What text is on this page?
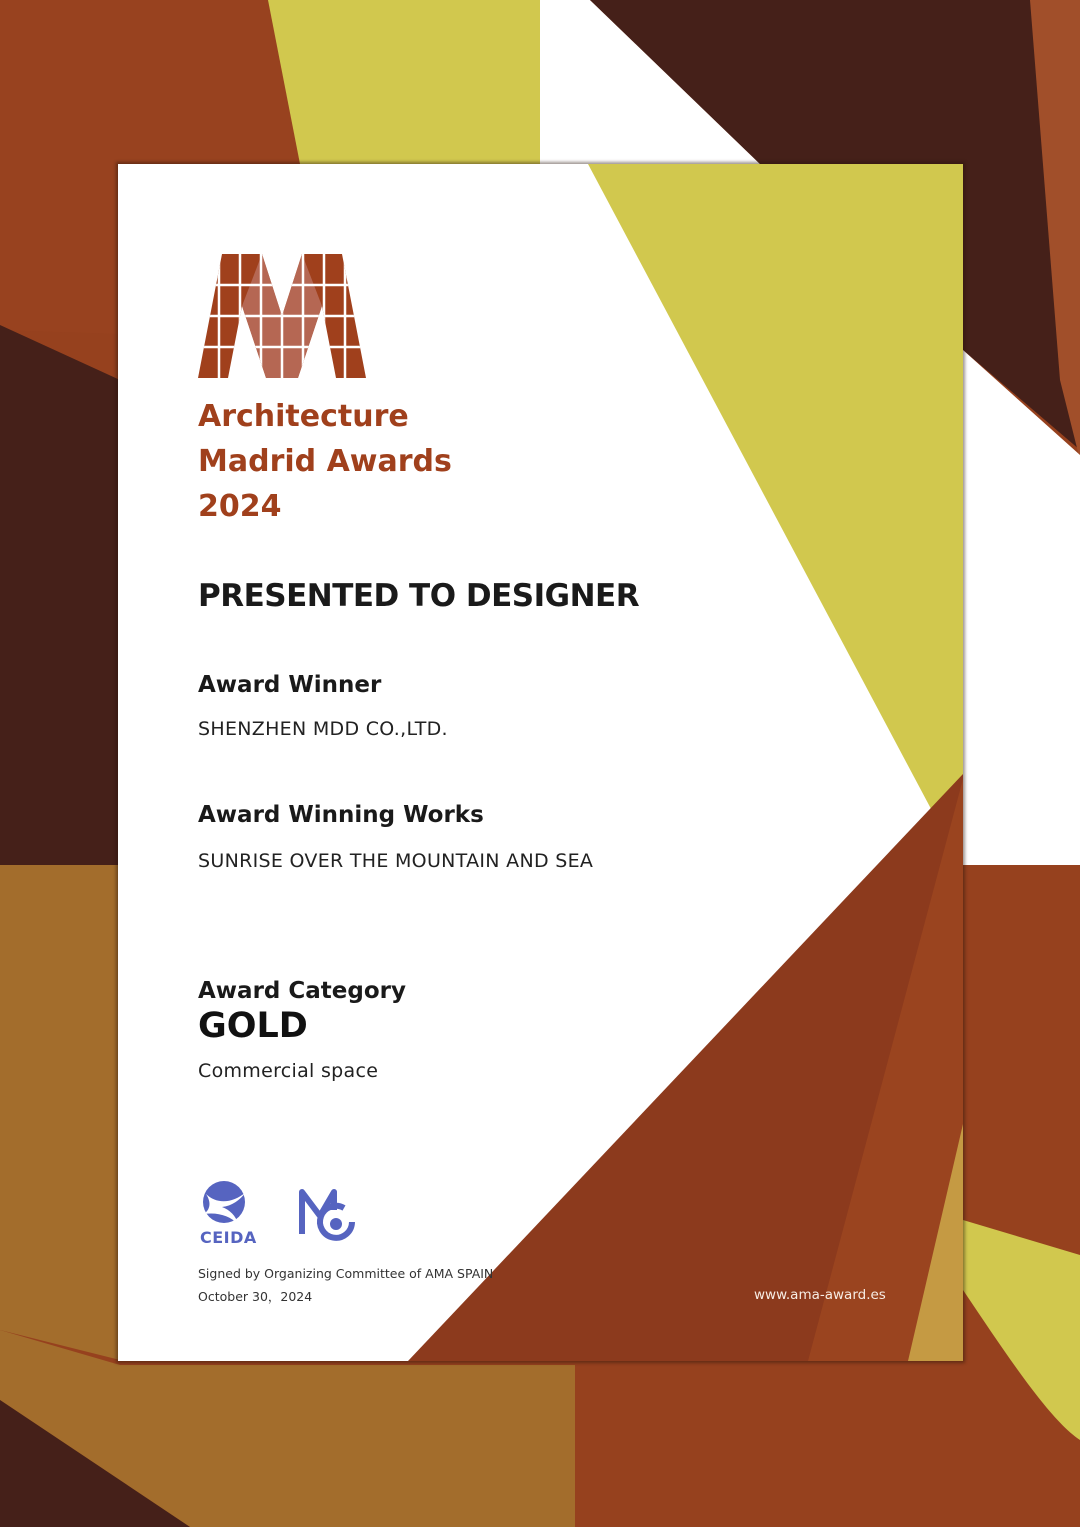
Architecture
Madrid Awards
2024
PRESENTED TO DESIGNER

Award Winner

SHENZHEN MDD CO.,LTD.

Award Winning Works

SUNRISE OVER THE MOUNTAIN AND SEA

Award Category

GOLD

Commercial space

CEIDA

Signed by Organizing Committee of AMA SPAIN

October 30，2024	www.ama-award.es
